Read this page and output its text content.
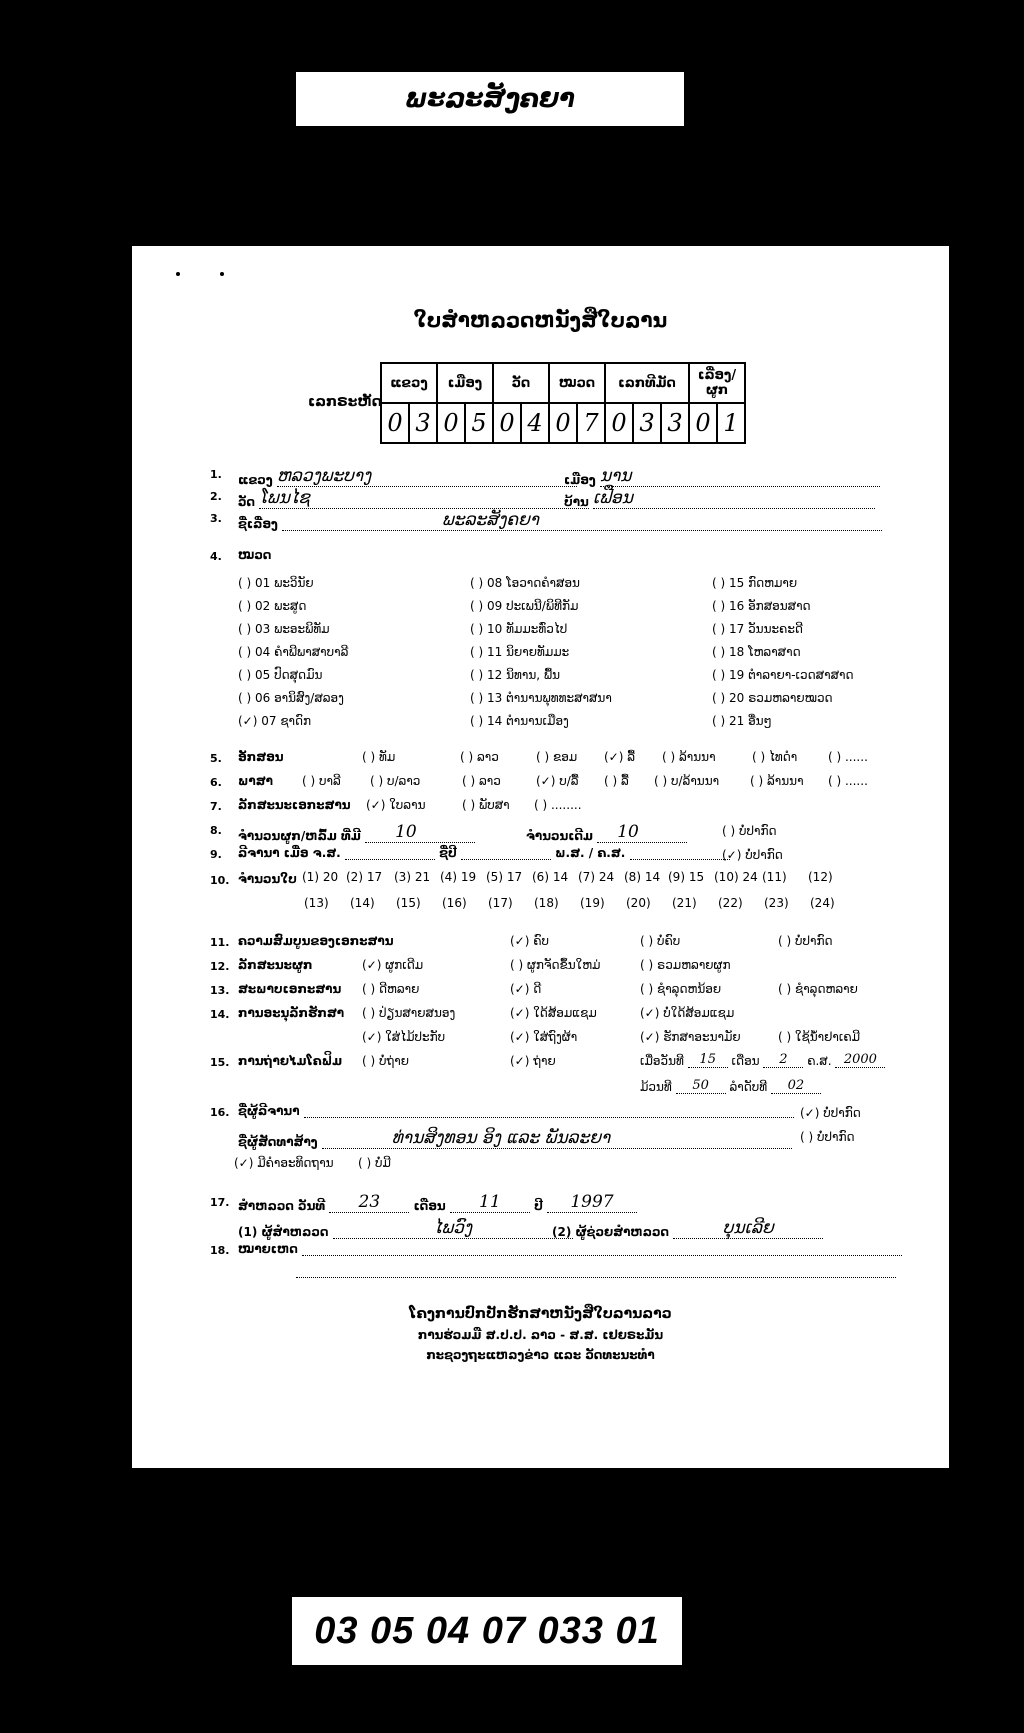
ພະລະສັງຄຍາ
ໃບສຳຫລວດຫນັງສືໃບລານ
ເລກຣະຫັດ
ແຂວງ		ເມືອງ		ວັດ		ໝວດ		ເລກທີມັດ			ເລື່ອງ/ຜູກ	
0	3	0	5	0	4	0	7	0	3	3	0	1
1. ແຂວງ ຫລວງພະບາງ	ເມືອງ ນານ
2. ວັດ ໂພນໄຊ	ບ້ານ ເຟືອນ
3. ຊື່ເລື່ອງ	ພະລະສັງຄຍາ
4. ໝວດ
( ) 01 ພະວິນັຍ
( ) 02 ພະສູດ
( ) 03 ພະອະພິທັມ
( ) 04 ຄຳພີພາສາບາລີ
( ) 05 ປົດສຸດມົນ
( ) 06 ອານິສົງ/ສລອງ
(✓) 07 ຊາດົກ
( ) 08 ໂອວາດຄຳສອນ
( ) 09 ປະເພນີ/ພິທີກັມ
( ) 10 ທັມມະທົ່ວໄປ
( ) 11 ນິຍາຍທັມມະ
( ) 12 ນິທານ, ພື້ນ
( ) 13 ຕຳນານພຸທທະສາສນາ
( ) 14 ຕຳນານເມືອງ
( ) 15 ກົດຫມາຍ
( ) 16 ອັກສອນສາດ
( ) 17 ວັນນະຄະດີ
( ) 18 ໂຫລາສາດ
( ) 19 ຕຳລາຍາ-ເວດສາສາດ
( ) 20 ຣວມຫລາຍໝວດ
( ) 21 ອື່ນໆ
5. ອັກສອນ	( ) ທັມ	( ) ລາວ	( ) ຂອມ (✓) ລື້ ( ) ລ້ານນາ	( ) ໄທດຳ	( ) ......
6. ພາສາ ( ) ບາລີ ( ) ບ/ລາວ	( ) ລາວ	(✓) ບ/ລື້ ( ) ລື້ ( ) ບ/ລ້ານນາ	( ) ລ້ານນາ ( ) ......
7. ລັກສະນະເອກະສານ (✓) ໃບລານ	( ) ພັບສາ ( ) ........
8. ຈຳນວນຜູກ/ຫລົ້ມ ທີ່ມີ 10	ຈຳນວນເດີມ 10	( ) ບໍ່ປາກົດ
9. ລີຈານາ ເມື່ອ ຈ.ສ.	ຊື່ປີ	ພ.ສ. / ຄ.ສ.	(✓) ບໍ່ປາກົດ
10. ຈຳນວນໃບ (1) 20 (2) 17 (3) 21 (4) 19 (5) 17 (6) 14 (7) 24 (8) 14 (9) 15 (10) 24 (11) (12)
(13) (14) (15) (16) (17) (18) (19) (20) (21) (22) (23) (24)
11. ຄວາມສົມບູນຂອງເອກະສານ	(✓) ຄົບ	( ) ບໍ່ຄົບ	( ) ບໍ່ປາກົດ
12. ລັກສະນະຜູກ	(✓) ຜູກເດີມ	( ) ຜູກຈັດຂຶ້ນໃຫມ່	( ) ຣວມຫລາຍຜູກ
13. ສະພາບເອກະສານ ( ) ດີຫລາຍ	(✓) ດີ	( ) ຊຳລຸດຫນ້ອຍ	( ) ຊຳລຸດຫລາຍ
14. ການອະນຸລັກຮັກສາ ( ) ປ່ຽນສາຍສນອງ	(✓) ໃດ້ສ້ອມແຊມ	(✓) ບໍ່ໃດ້ສ້ອມແຊມ
(✓) ໃສ່ໄມ້ປະກັບ	(✓) ໃສ່ຖົງຜ້າ	(✓) ຮັກສາອະນາມັຍ	( ) ໃຊ້ນ້ຳຢາເຄມີ
15. ການຖ່າຍໄມໂຄຟິມ ( ) ບໍ່ຖ່າຍ	(✓) ຖ່າຍ	ເມື່ອວັນທີ 15 ເດືອນ 2 ຄ.ສ. 2000
ມ້ວນທີ 50 ລຳດັບທີ 02
16. ຊື່ຜູ້ລີຈານາ	(✓) ບໍ່ປາກົດ
ຊື່ຜູ້ສັດທາສ້າງ	ທ່ານສິງທອນ ອິງ ແລະ ພັນລະຍາ	( ) ບໍ່ປາກົດ
(✓) ມີຄຳອະທິດຖານ ( ) ບໍ່ມີ
17. ສຳຫລວດ ວັນທີ 23	ເດືອນ 11	ປີ 1997
(1) ຜູ້ສຳຫລວດ	ໄພວົງ	(2) ຜູ້ຊ່ວຍສຳຫລວດ	ບຸນເລີຍ
18. ໝາຍເຫດ
ໂຄງການປົກປັກຮັກສາຫນັງສືໃບລານລາວ
ການຮ່ວມມື ສ.ປ.ປ. ລາວ - ສ.ສ. ເຢຍຣະມັນ
ກະຊວງຖະແຫລງຂ່າວ ແລະ ວັດທະນະທຳ
03 05 04 07 033 01
